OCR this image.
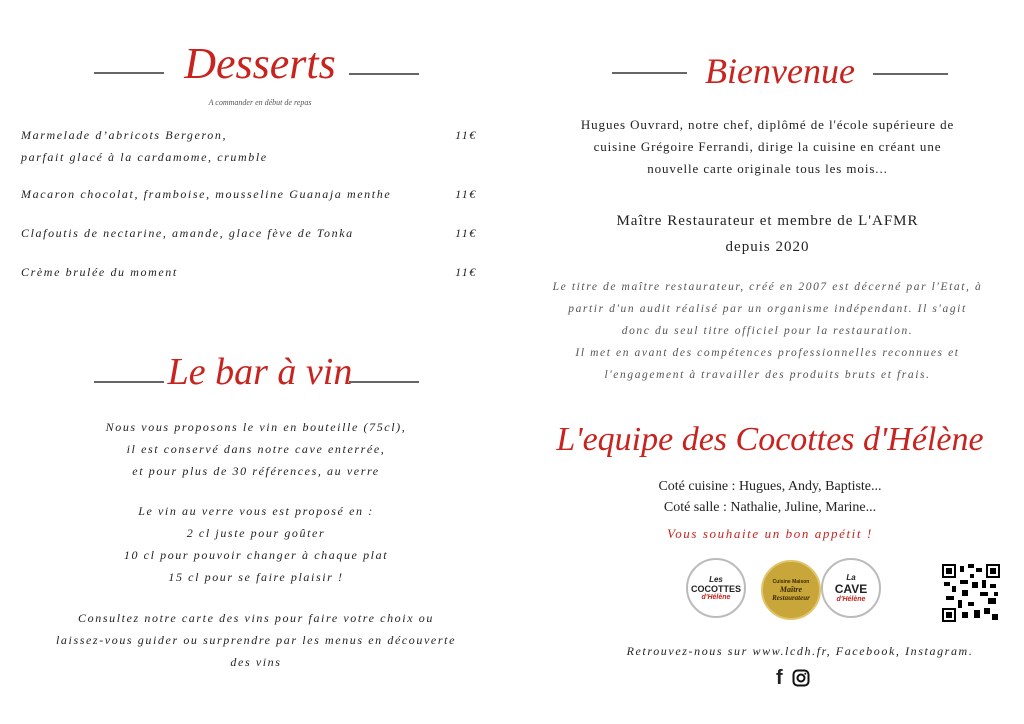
Desserts
A commander en début de repas
Marmelade d’abricots Bergeron,
parfait glacé à la cardamome, crumble
11€
Macaron chocolat, framboise, mousseline Guanaja menthe	11€
Clafoutis de nectarine, amande, glace fève de Tonka	11€
Crème brulée du moment	11€
Le bar à vin
Nous vous proposons le vin en bouteille (75cl),
il est conservé dans notre cave enterrée,
et pour plus de 30 références, au verre
Le vin au verre vous est proposé en :
2 cl juste pour goûter
10 cl pour pouvoir changer à chaque plat
15 cl pour se faire plaisir !
Consultez notre carte des vins pour faire votre choix ou
laissez-vous guider ou surprendre par les menus en découverte
des vins
Bienvenue
Hugues Ouvrard, notre chef, diplômé de l'école supérieure de
cuisine Grégoire Ferrandi, dirige la cuisine en créant une
nouvelle carte originale tous les mois...
Maître Restaurateur et membre de L'AFMR
depuis 2020
Le titre de maître restaurateur, créé en 2007 est décerné par l'Etat, à
partir d'un audit réalisé par un organisme indépendant. Il s'agit
donc du seul titre officiel pour la restauration.
Il met en avant des compétences professionnelles reconnues et
l'engagement à travailler des produits bruts et frais.
L'equipe des Cocottes d'Hélène
Coté cuisine : Hugues, Andy, Baptiste...
Coté salle : Nathalie, Juline, Marine...
Vous souhaite un bon appétit !
Les
COCOTTES
d'Hélène
Cuisine Maison
Maître
Restaurateur
La
CAVE
d'Hélène
Retrouvez-nous sur www.lcdh.fr, Facebook, Instagram.
f
